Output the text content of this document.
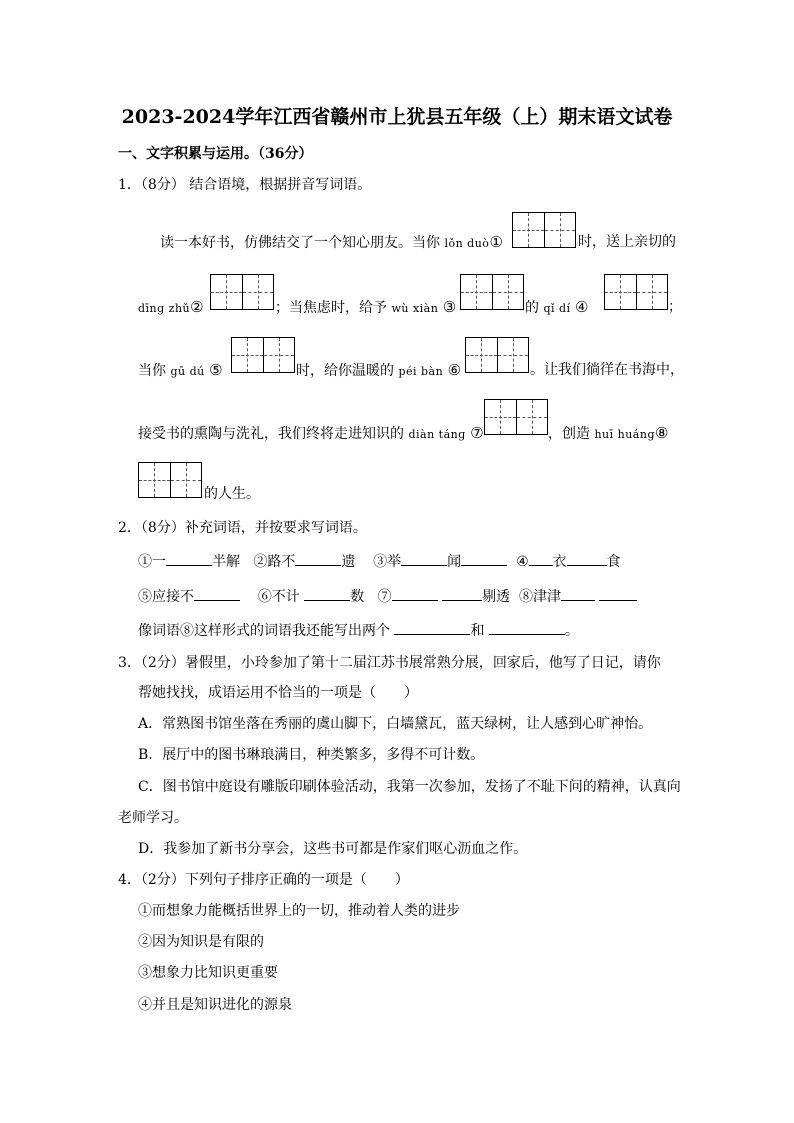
2023-2024学年江西省赣州市上犹县五年级（上）期末语文试卷
一、文字积累与运用。（36分）
1．（8分） 结合语境，根据拼音写词语。
读一本好书，仿佛结交了一个知心朋友。当你 lǒn duò①	时，送上亲切的
dīng zhǔ②	；当焦虑时，给予 wù xiàn ③	的 qǐ dí ④	；
当你 gū dú ⑤	时，给你温暖的 péi bàn ⑥	。让我们徜徉在书海中，
接受书的熏陶与洗礼，我们终将走进知识的 diàn táng ⑦	，创造 huī huáng⑧
的人生。
2．（8分）补充词语，并按要求写词语。
①一	半解 ②路不	遗 ③举	闻	④ 衣	食
⑤应接不	⑥不计	数 ⑦	剔透 ⑧津津
像词语⑧这样形式的词语我还能写出两个	和	。
3．（2分）暑假里，小玲参加了第十二届江苏书展常熟分展，回家后，他写了日记，请你
帮她找找，成语运用不恰当的一项是（　　）
A．常熟图书馆坐落在秀丽的虞山脚下，白墙黛瓦，蓝天绿树，让人感到心旷神怡。
B．展厅中的图书琳琅满目，种类繁多，多得不可计数。
C．图书馆中庭设有雕版印刷体验活动，我第一次参加，发扬了不耻下问的精神，认真向
老师学习。
D．我参加了新书分享会，这些书可都是作家们呕心沥血之作。
4．（2分）下列句子排序正确的一项是（　　）
①而想象力能概括世界上的一切，推动着人类的进步
②因为知识是有限的
③想象力比知识更重要
④并且是知识进化的源泉
